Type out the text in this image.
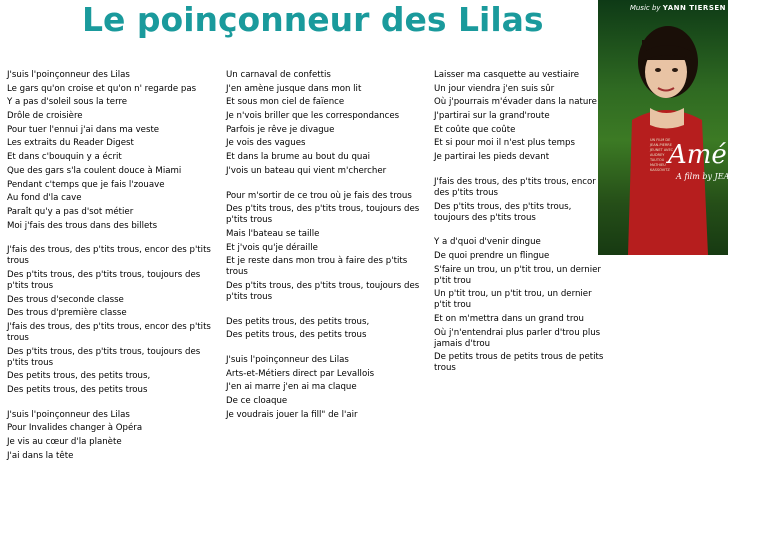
Le poinçonneur des Lilas	Music by YANN TIERSEN
UN FILM DE JEAN-PIERRE JEUNET AVEC AUDREY TAUTOU MATHIEU KASSOVITZ
Amélie
A film by JEAN-PIE
J'suis l'poinçonneur des Lilas
Le gars qu'on croise et qu'on n' regarde pas
Y a pas d'soleil sous la terre
Drôle de croisière
Pour tuer l'ennui j'ai dans ma veste
Les extraits du Reader Digest
Et dans c'bouquin y a écrit
Que des gars s'la coulent douce à Miami
Pendant c'temps que je fais l'zouave
Au fond d'la cave
Paraît qu'y a pas d'sot métier
Moi j'fais des trous dans des billets
J'fais des trous, des p'tits trous, encor des p'tits trous
Des p'tits trous, des p'tits trous, toujours des p'tits trous
Des trous d'seconde classe
Des trous d'première classe
J'fais des trous, des p'tits trous, encor des p'tits trous
Des p'tits trous, des p'tits trous, toujours des p'tits trous
Des petits trous, des petits trous,
Des petits trous, des petits trous
J'suis l'poinçonneur des Lilas
Pour Invalides changer à Opéra
Je vis au cœur d'la planète
J'ai dans la tête
Un carnaval de confettis
J'en amène jusque dans mon lit
Et sous mon ciel de faïence
Je n'vois briller que les correspondances
Parfois je rêve je divague
Je vois des vagues
Et dans la brume au bout du quai
J'vois un bateau qui vient m'chercher
Pour m'sortir de ce trou où je fais des trous
Des p'tits trous, des p'tits trous, toujours des p'tits trous
Mais l'bateau se taille
Et j'vois qu'je déraille
Et je reste dans mon trou à faire des p'tits trous
Des p'tits trous, des p'tits trous, toujours des p'tits trous
Des petits trous, des petits trous,
Des petits trous, des petits trous
J'suis l'poinçonneur des Lilas
Arts-et-Métiers direct par Levallois
J'en ai marre j'en ai ma claque
De ce cloaque
Je voudrais jouer la fill" de l'air
Laisser ma casquette au vestiaire
Un jour viendra j'en suis sûr
Où j'pourrais m'évader dans la nature
J'partirai sur la grand'route
Et coûte que coûte
Et si pour moi il n'est plus temps
Je partirai les pieds devant
J'fais des trous, des p'tits trous, encor des p'tits trous
Des p'tits trous, des p'tits trous, toujours des p'tits trous
Y a d'quoi d'venir dingue
De quoi prendre un flingue
S'faire un trou, un p'tit trou, un dernier p'tit trou
Un p'tit trou, un p'tit trou, un dernier p'tit trou
Et on m'mettra dans un grand trou
Où j'n'entendrai plus parler d'trou plus jamais d'trou
De petits trous de petits trous de petits trous
